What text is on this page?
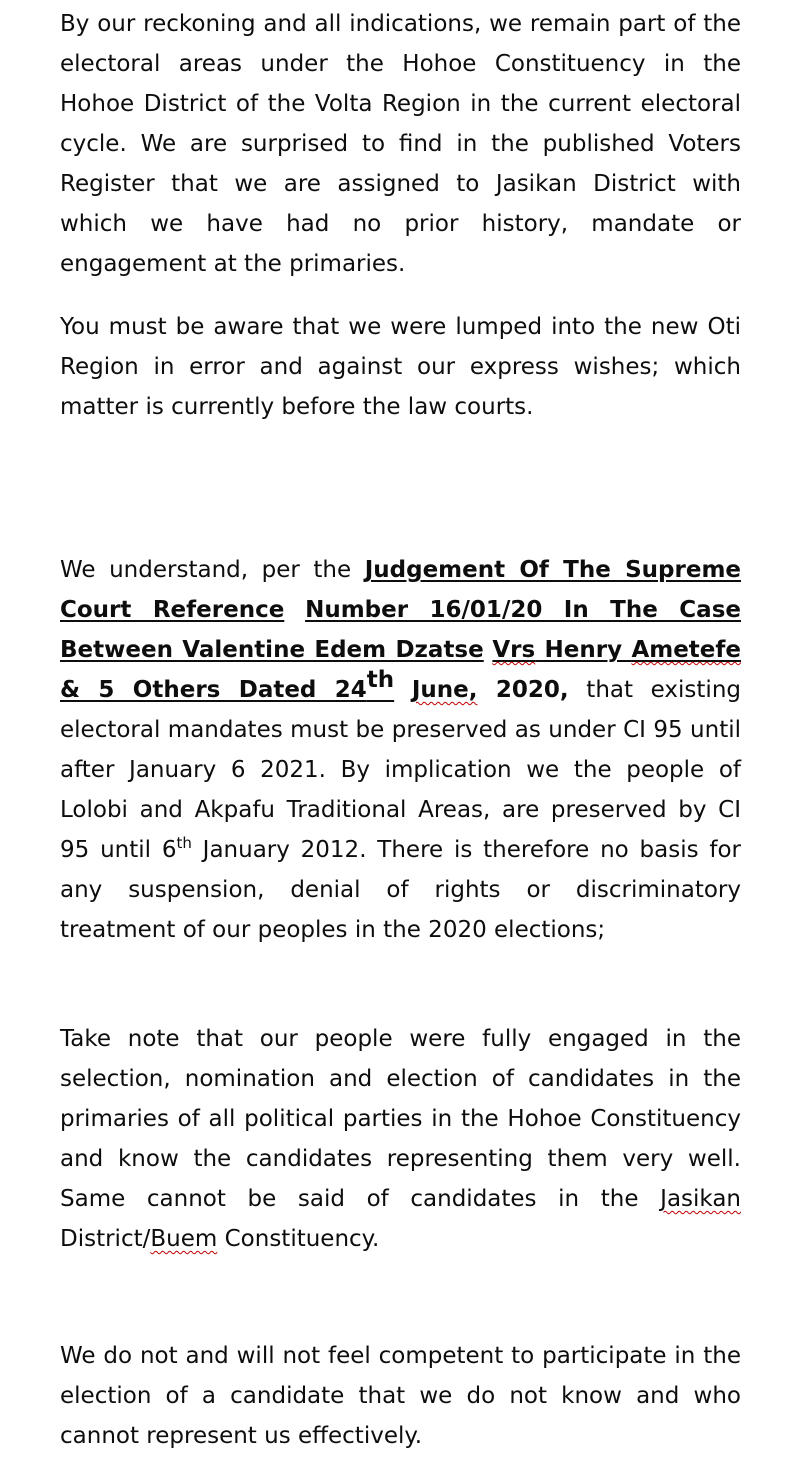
By our reckoning and all indications, we remain part of the electoral areas under the Hohoe Constituency in the Hohoe District of the Volta Region in the current electoral cycle. We are surprised to find in the published Voters Register that we are assigned to Jasikan District with which we have had no prior history, mandate or engagement at the primaries.

You must be aware that we were lumped into the new Oti Region in error and against our express wishes; which matter is currently before the law courts.

We understand, per the Judgement Of The Supreme Court Reference Number 16/01/20 In The Case Between Valentine Edem Dzatse Vrs Henry Ametefe & 5 Others Dated 24th June, 2020, that existing electoral mandates must be preserved as under CI 95 until after January 6 2021. By implication we the people of Lolobi and Akpafu Traditional Areas, are preserved by CI 95 until 6th January 2012. There is therefore no basis for any suspension, denial of rights or discriminatory treatment of our peoples in the 2020 elections;

Take note that our people were fully engaged in the selection, nomination and election of candidates in the primaries of all political parties in the Hohoe Constituency and know the candidates representing them very well. Same cannot be said of candidates in the Jasikan District/Buem Constituency.

We do not and will not feel competent to participate in the election of a candidate that we do not know and who cannot represent us effectively.
